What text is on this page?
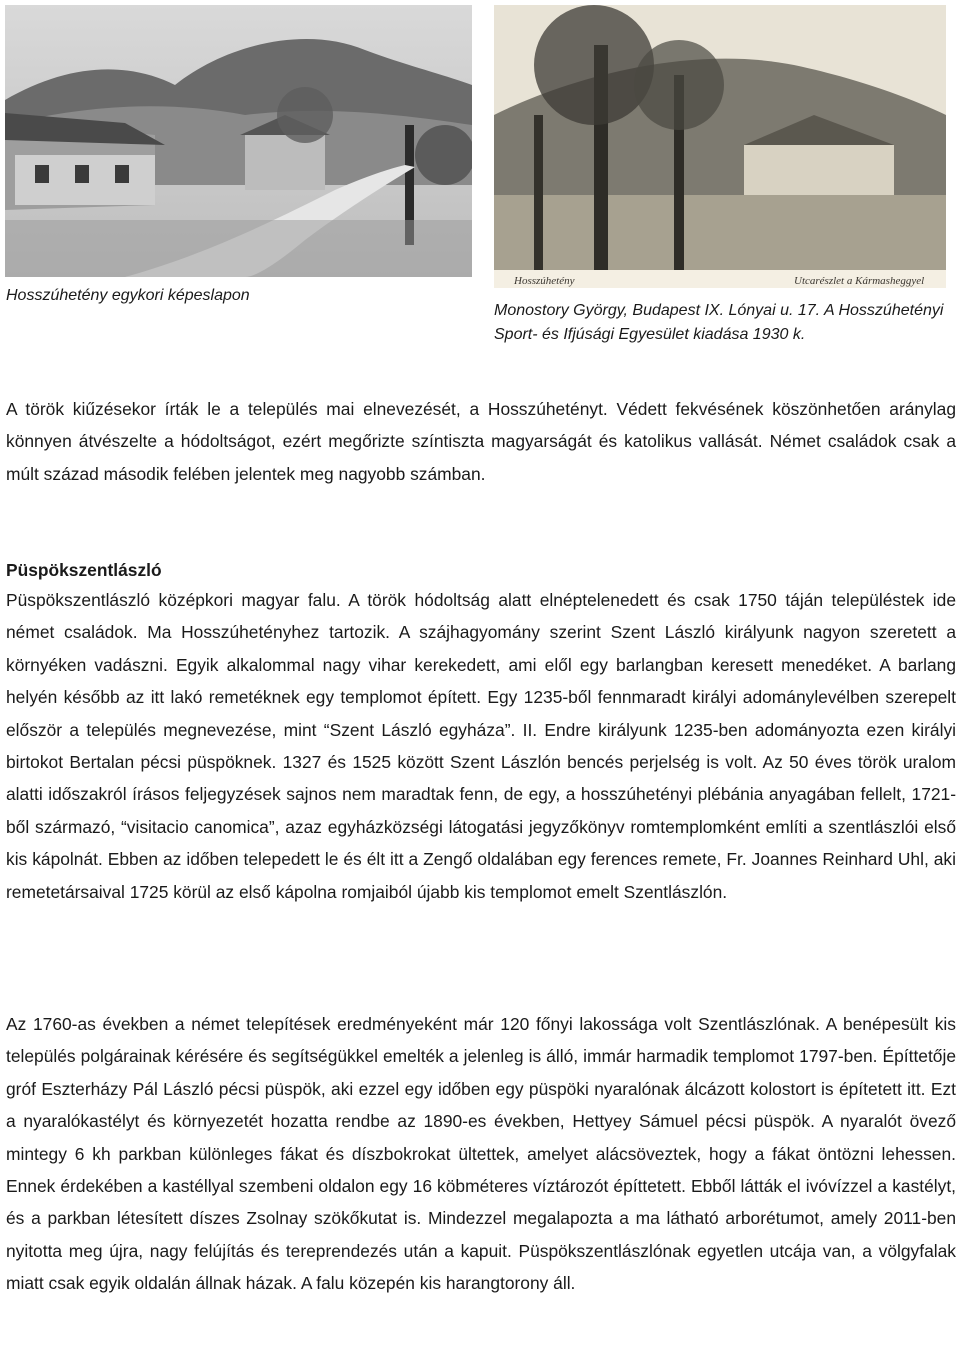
Hosszúhetény	Utcarészlet a Kármasheggyel
Hosszúhetény egykori képeslapon
Monostory György, Budapest IX. Lónyai u. 17. A Hosszúhetényi Sport- és Ifjúsági Egyesület kiadása 1930 k.

A török kiűzésekor írták le a település mai elnevezését, a Hosszúhetényt. Védett fekvésének köszönhetően aránylag könnyen átvészelte a hódoltságot, ezért megőrizte színtiszta magyarságát és katolikus vallását. Német családok csak a múlt század második felében jelentek meg nagyobb számban.

Püspökszentlászló

Püspökszentlászló középkori magyar falu. A török hódoltság alatt elnéptelenedett és csak 1750 táján településtek ide német családok. Ma Hosszúhetényhez tartozik. A szájhagyomány szerint Szent László királyunk nagyon szeretett a környéken vadászni. Egyik alkalommal nagy vihar kerekedett, ami elől egy barlangban keresett menedéket. A barlang helyén később az itt lakó remetéknek egy templomot épített. Egy 1235-ből fennmaradt királyi adománylevélben szerepelt először a település megnevezése, mint “Szent László egyháza”. II. Endre királyunk 1235-ben adományozta ezen királyi birtokot Bertalan pécsi püspöknek. 1327 és 1525 között Szent Lászlón bencés perjelség is volt. Az 50 éves török uralom alatti időszakról írásos feljegyzések sajnos nem maradtak fenn, de egy, a hosszúhetényi plébánia anyagában fellelt, 1721-ből származó, “visitacio canomica”, azaz egyházközségi látogatási jegyzőkönyv romtemplomként említi a szentlászlói első kis kápolnát. Ebben az időben telepedett le és élt itt a Zengő oldalában egy ferences remete, Fr. Joannes Reinhard Uhl, aki remetetársaival 1725 körül az első kápolna romjaiból újabb kis templomot emelt Szentlászlón.

Az 1760-as években a német telepítések eredményeként már 120 főnyi lakossága volt Szentlászlónak. A benépesült kis település polgárainak kérésére és segítségükkel emelték a jelenleg is álló, immár harmadik templomot 1797-ben. Építtetője gróf Eszterházy Pál László pécsi püspök, aki ezzel egy időben egy püspöki nyaralónak álcázott kolostort is építetett itt. Ezt a nyaralókastélyt és környezetét hozatta rendbe az 1890-es években, Hettyey Sámuel pécsi püspök. A nyaralót övező mintegy 6 kh parkban különleges fákat és díszbokrokat ültettek, amelyet alácsöveztek, hogy a fákat öntözni lehessen. Ennek érdekében a kastéllyal szembeni oldalon egy 16 köbméteres víztározót építtetett. Ebből látták el ivóvízzel a kastélyt, és a parkban létesített díszes Zsolnay szökőkutat is. Mindezzel megalapozta a ma látható arborétumot, amely 2011-ben nyitotta meg újra, nagy felújítás és tereprendezés után a kapuit. Püspökszentlászlónak egyetlen utcája van, a völgyfalak miatt csak egyik oldalán állnak házak. A falu közepén kis harangtorony áll.
